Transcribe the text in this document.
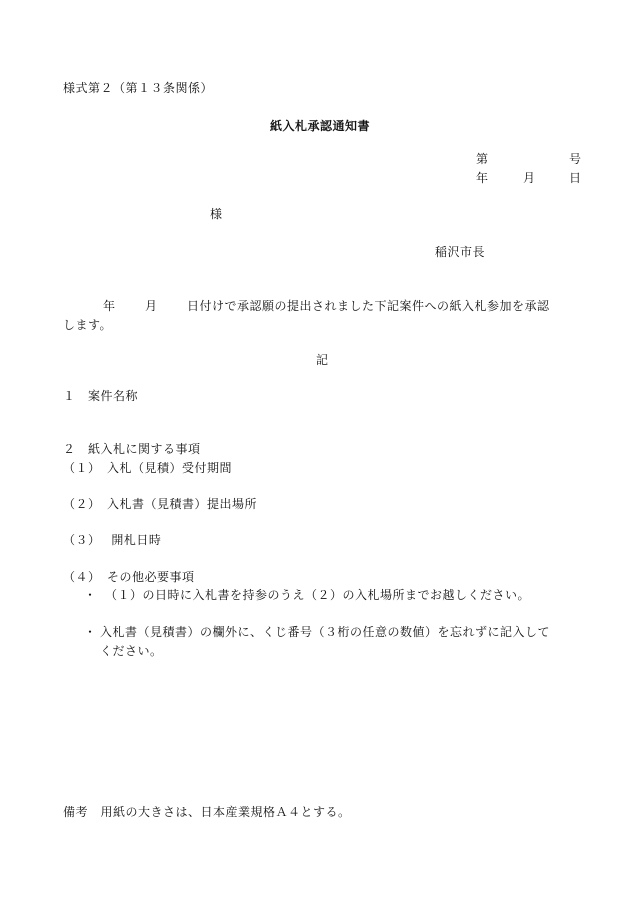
様式第２（第１３条関係）
紙入札承認通知書
第	号
年	月	日
様
稲沢市長
年 月 日付けで承認願の提出されました下記案件への紙入札参加を承認
します。
記
１　案件名称
２　紙入札に関する事項
（１）　入札（見積）受付期間
（２）　入札書（見積書）提出場所
（３）　 開札日時
（４）　その他必要事項
・ （１）の日時に入札書を持参のうえ（２）の入札場所までお越しください。
・ 入札書（見積書）の欄外に、くじ番号（３桁の任意の数値）を忘れずに記入して
ください。
備考　用紙の大きさは、日本産業規格Ａ４とする。
